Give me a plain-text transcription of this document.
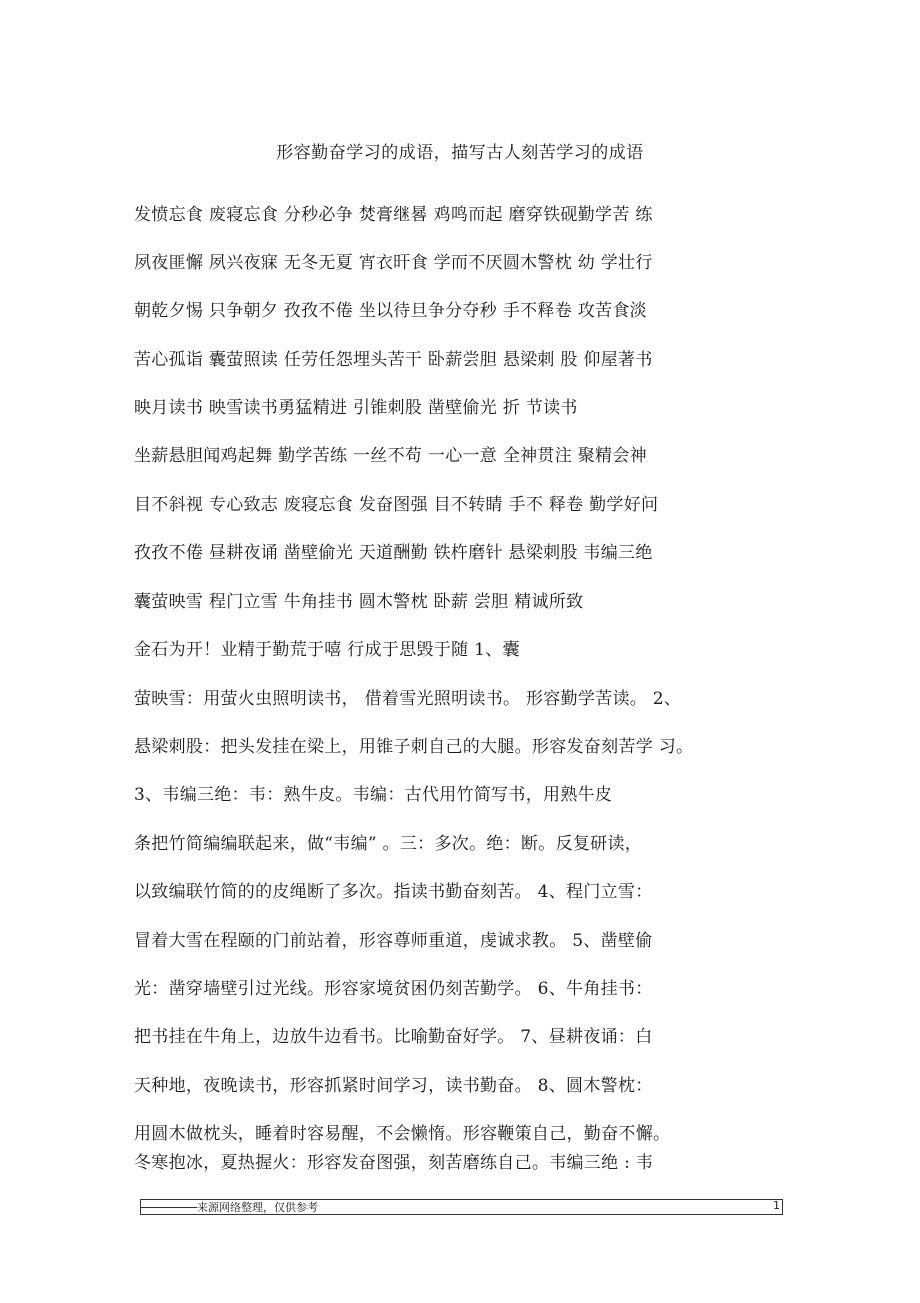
形容勤奋学习的成语，描写古人刻苦学习的成语
发愤忘食 废寝忘食 分秒必争 焚膏继晷 鸡鸣而起 磨穿铁砚勤学苦 练
夙夜匪懈 夙兴夜寐 无冬无夏 宵衣旰食 学而不厌圆木警枕 幼 学壮行
朝乾夕惕 只争朝夕 孜孜不倦 坐以待旦争分夺秒 手不释卷 攻苦食淡
苦心孤诣 囊萤照读 任劳任怨埋头苦干 卧薪尝胆 悬梁刺 股 仰屋著书
映月读书 映雪读书勇猛精进 引锥刺股 凿壁偷光 折 节读书
坐薪悬胆闻鸡起舞 勤学苦练 一丝不苟 一心一意 全神贯注 聚精会神
目不斜视 专心致志 废寝忘食 发奋图强 目不转睛 手不 释卷 勤学好问
孜孜不倦 昼耕夜诵 凿壁偷光 天道酬勤 铁杵磨针 悬梁刺股 韦编三绝
囊萤映雪 程门立雪 牛角挂书 圆木警枕 卧薪 尝胆 精诚所致
金石为开！业精于勤荒于嘻 行成于思毁于随 1、囊
萤映雪：用萤火虫照明读书， 借着雪光照明读书。 形容勤学苦读。 2、
悬梁刺股：把头发挂在梁上，用锥子刺自己的大腿。形容发奋刻苦学 习。
3、韦编三绝：韦：熟牛皮。韦编：古代用竹简写书，用熟牛皮
条把竹简编编联起来，做“韦编” 。三：多次。绝：断。反复研读，
以致编联竹简的的皮绳断了多次。指读书勤奋刻苦。 4、程门立雪：
冒着大雪在程颐的门前站着，形容尊师重道，虔诚求教。 5、凿壁偷
光：凿穿墙壁引过光线。形容家境贫困仍刻苦勤学。 6、牛角挂书：
把书挂在牛角上，边放牛边看书。比喻勤奋好学。 7、昼耕夜诵：白
天种地，夜晚读书，形容抓紧时间学习，读书勤奋。 8、圆木警枕：
用圆木做枕头，睡着时容易醒，不会懒惰。形容鞭策自己，勤奋不懈。
冬寒抱冰，夏热握火：形容发奋图强，刻苦磨练自己。韦编三绝 : 韦
来源网络整理，仅供参考	1
